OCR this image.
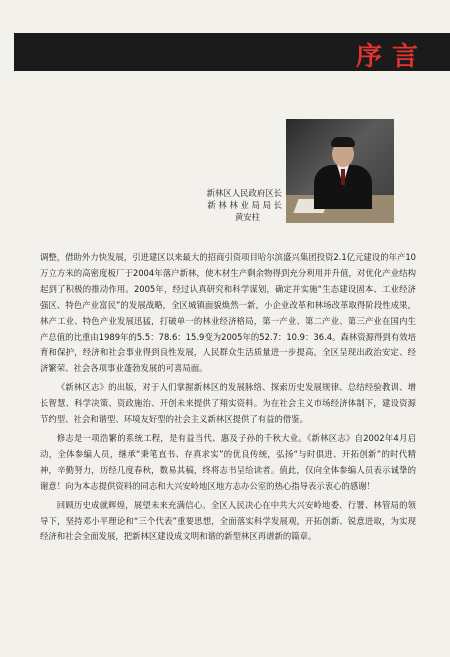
序言
新林区人民政府区长
新 林 林 业 局 局 长
黄安柱

调整，借助外力快发展，引进建区以来最大的招商引资项目哈尔滨盛兴集团投资2.1亿元建设的年产10万立方米的高密度板厂于2004年落户新林，使木材生产剩余物得到充分利用并升值，对优化产业结构起到了积极的推动作用。2005年，经过认真研究和科学谋划，确定并实施“生态建设固本、工业经济强区、特色产业富民”的发展战略，全区城镇面貌焕然一新，小企业改革和林场改革取得阶段性成果，林产工业、特色产业发展迅猛，打破单一的林业经济格局，第一产业、第二产业、第三产业在国内生产总值的比重由1989年的5.5：78.6：15.9变为2005年的52.7：10.9：36.4。森林资源得到有效培育和保护，经济和社会事业得到良性发展，人民群众生活质量进一步提高，全区呈现出政治安定、经济繁荣、社会各项事业蓬勃发展的可喜局面。

《新林区志》的出版，对于人们掌握新林区的发展脉络、探索历史发展规律、总结经验教训、增长智慧、科学决策、资政施治、开创未来提供了翔实资料。为在社会主义市场经济体制下，建设资源节约型、社会和谐型、环境友好型的社会主义新林区提供了有益的借鉴。

修志是一项浩繁的系统工程，是有益当代、惠及子孙的千秋大业。《新林区志》自2002年4月启动，全体参编人员，继承“秉笔直书、存真求实”的优良传统，弘扬“与时俱进、开拓创新”的时代精神，辛勤努力，历经几度春秋，数易其稿，终将志书呈给读者。值此，仅向全体参编人员表示诚挚的谢意！向为本志提供资料的同志和大兴安岭地区地方志办公室的热心指导表示衷心的感谢！

回顾历史成就辉煌，展望未来充满信心。全区人民决心在中共大兴安岭地委、行署、林管局的领导下，坚持邓小平理论和“三个代表”重要思想，全面落实科学发展观，开拓创新、锐意进取，为实现经济和社会全面发展，把新林区建设成文明和谐的新型林区再谱新的篇章。
